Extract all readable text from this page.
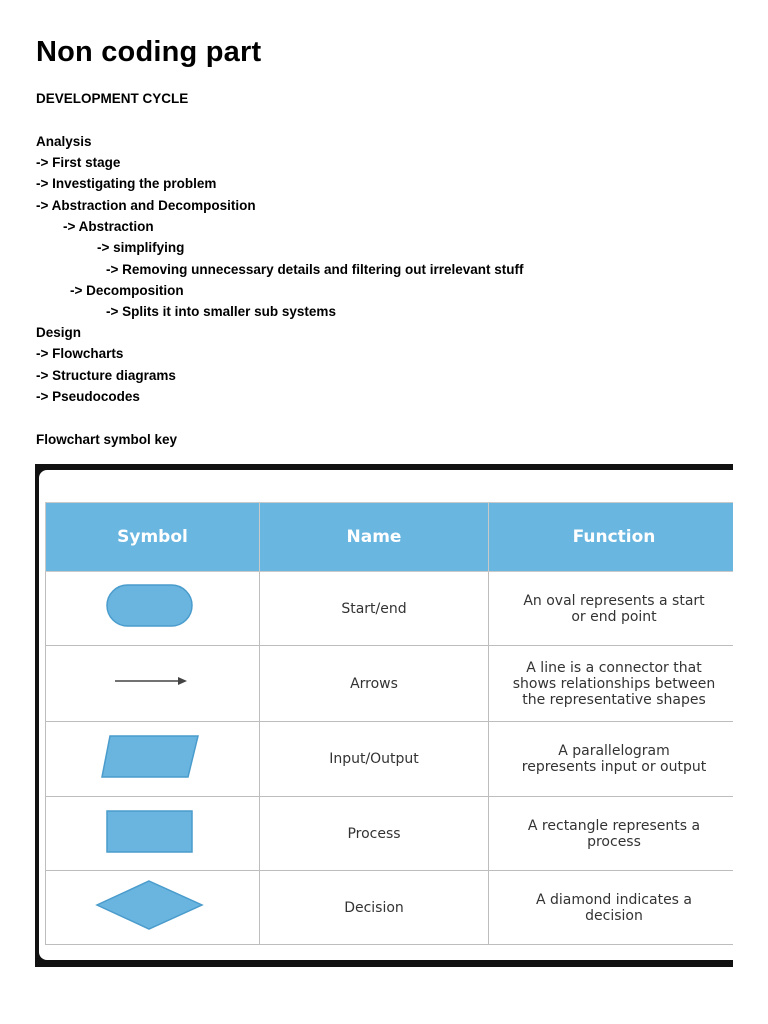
Non coding part
DEVELOPMENT CYCLE
Analysis
-> First stage
-> Investigating the problem
-> Abstraction and Decomposition
-> Abstraction
-> simplifying
-> Removing unnecessary details and filtering out irrelevant stuff
-> Decomposition
-> Splits it into smaller sub systems
Design
-> Flowcharts
-> Structure diagrams
-> Pseudocodes
Flowchart symbol key
Symbol	Name	Function
	Start/end	An oval represents a start
or end point

	Arrows	A line is a connector that
shows relationships between
the representative shapes

	Input/Output	A parallelogram
represents input or output

	Process	A rectangle represents a
process

	Decision	A diamond indicates a
decision
